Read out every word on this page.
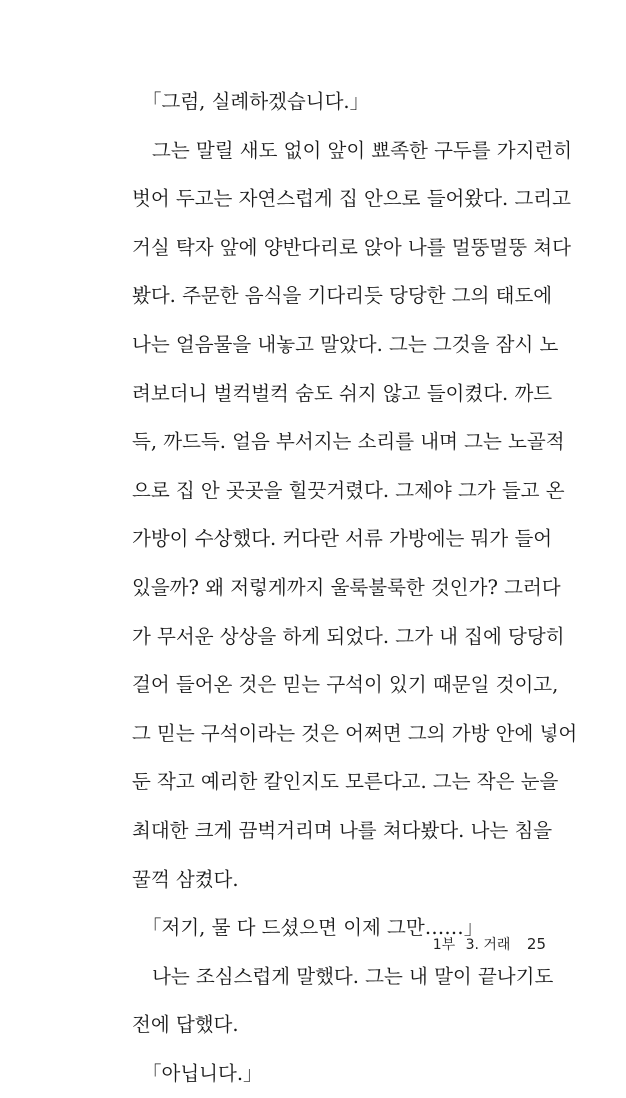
「그럼, 실례하겠습니다.」
그는 말릴 새도 없이 앞이 뾰족한 구두를 가지런히
벗어 두고는 자연스럽게 집 안으로 들어왔다. 그리고
거실 탁자 앞에 양반다리로 앉아 나를 멀뚱멀뚱 쳐다
봤다. 주문한 음식을 기다리듯 당당한 그의 태도에
나는 얼음물을 내놓고 말았다. 그는 그것을 잠시 노
려보더니 벌컥벌컥 숨도 쉬지 않고 들이켰다. 까드
득, 까드득. 얼음 부서지는 소리를 내며 그는 노골적
으로 집 안 곳곳을 힐끗거렸다. 그제야 그가 들고 온
가방이 수상했다. 커다란 서류 가방에는 뭐가 들어
있을까? 왜 저렇게까지 울룩불룩한 것인가? 그러다
가 무서운 상상을 하게 되었다. 그가 내 집에 당당히
걸어 들어온 것은 믿는 구석이 있기 때문일 것이고,
그 믿는 구석이라는 것은 어쩌면 그의 가방 안에 넣어
둔 작고 예리한 칼인지도 모른다고. 그는 작은 눈을
최대한 크게 끔벅거리며 나를 쳐다봤다. 나는 침을
꿀꺽 삼켰다.
「저기, 물 다 드셨으면 이제 그만……」
나는 조심스럽게 말했다. 그는 내 말이 끝나기도
전에 답했다.
「아닙니다.」
1부 3. 거래 25
